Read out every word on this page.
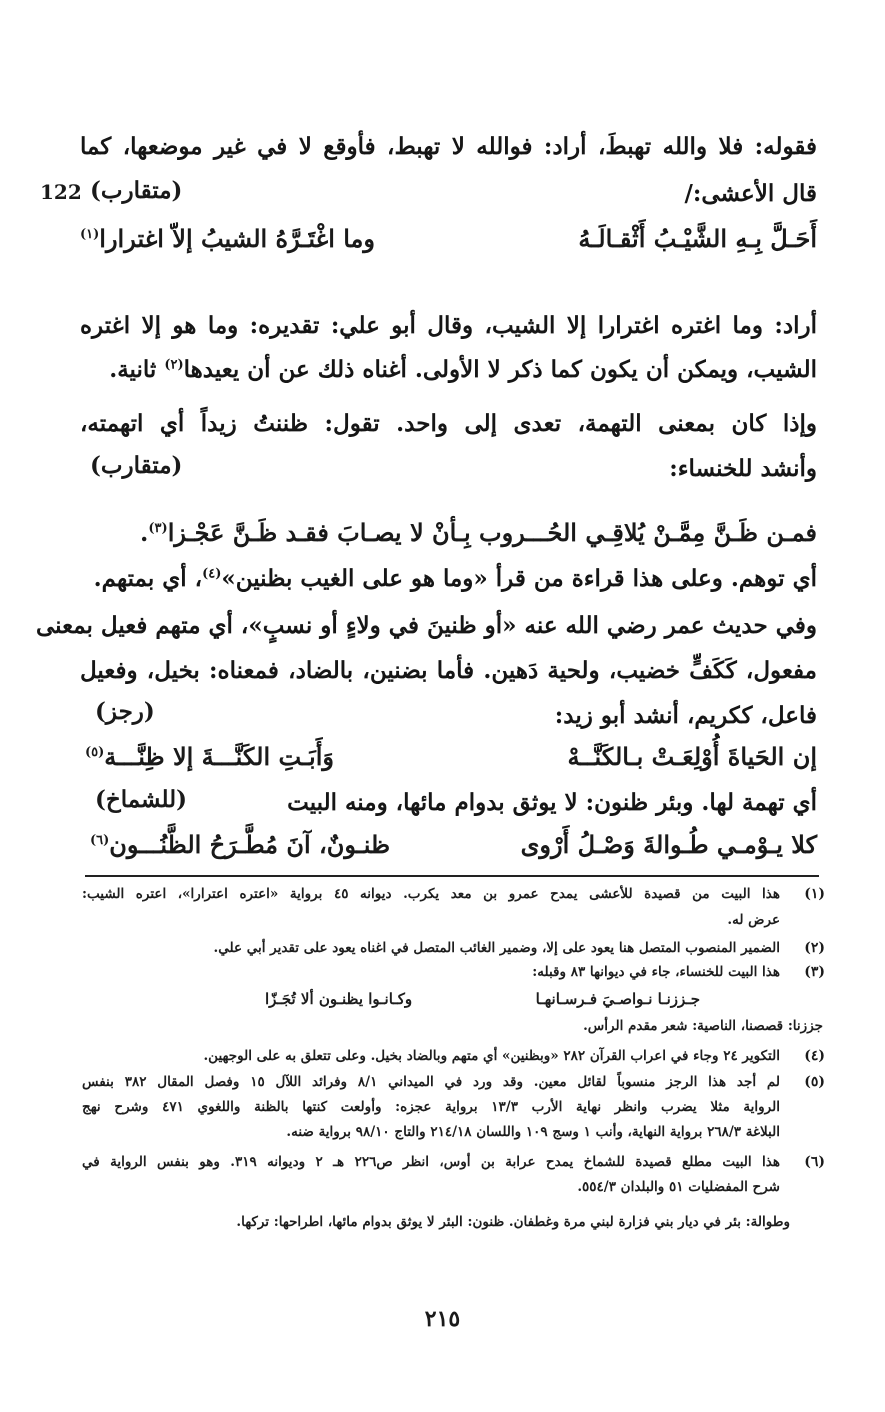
فقوله: فلا والله تهبطَ، أراد: فوالله لا تهبط، فأوقع لا في غير موضعها، كما
قال الأعشى:/
122 (متقارب)
أَحَـلَّ بِـهِ الشَّيْـبُ أَثْقـالَـهُ
وما اغْتَـرَّهُ الشيبُ إلاّ اغترارا$^{(١)}$
أراد: وما اغتره اغترارا إلا الشيب، وقال أبو علي: تقديره: وما هو إلا اغتره
الشيب، ويمكن أن يكون كما ذكر لا الأولى. أغناه ذلك عن أن يعيدها$^{(٢)}$ ثانية.
وإذا كان بمعنى التهمة، تعدى إلى واحد. تقول: ظننتُ زيداً أي اتهمته،
وأنشد للخنساء:
(متقارب)
فمـن ظَـنَّ مِمَّـنْ يُلاقِـي الحُـــروب بِـأنْ لا يصـابَ فقـد ظَـنَّ عَجْـزا$^{(٣)}$.
أي توهم. وعلى هذا قراءة من قرأ «وما هو على الغيب بظنين»$^{(٤)}$، أي بمتهم.
وفي حديث عمر رضي الله عنه «أو ظنينَ في ولاءٍ أو نسبٍ»، أي متهم فعيل بمعنى
مفعول، كَكَفٍّ خضيب، ولحية دَهين. فأما بضنين، بالضاد، فمعناه: بخيل، وفعيل
فاعل، ككريم، أنشد أبو زيد:
(رجز)
إن الحَياةَ أُوْلِعَـتْ بـالكَنَّــهْ
وَأَبَـتِ الكَنَّـــةَ إلا ظِنَّـــة$^{(٥)}$
أي تهمة لها. وبئر ظنون: لا يوثق بدوام مائها، ومنه البيت
(للشماخ)
كلا يـوْمـي طُـوالةَ وَصْـلُ أَرْوى
ظنـونٌ، آنَ مُطَّـرَحُ الظَّنُـــون$^{(٦)}$
(١)
هذا البيت من قصيدة للأعشى يمدح عمرو بن معد يكرب. ديوانه ٤٥ برواية «اعتره اعترارا»، اعتره الشيب:
عرض له.
(٢)
الضمير المنصوب المتصل هنا يعود على إلا، وضمير الغائب المتصل في اغناه يعود على تقدير أبي علي.
(٣)
هذا البيت للخنساء، جاء في ديوانها ٨٣ وقبله:
جـززنـا نـواصـيَ فـرسـانهـا
وكـانـوا يظنـون ألا تُجَـزّا
جززنا: قصصنا، الناصية: شعر مقدم الرأس.
(٤)
التكوير ٢٤ وجاء في اعراب القرآن ٢٨٢ «وبظنين» أي متهم وبالضاد بخيل. وعلى تتعلق به على الوجهين.
(٥)
لم أجد هذا الرجز منسوباً لقائل معين. وقد ورد في الميداني ٨/١ وفرائد اللآل ١٥ وفصل المقال ٣٨٢ بنفس
الرواية مثلا يضرب وانظر نهاية الأرب ١٣/٣ برواية عجزه: وأولعت كنتها بالظنة واللغوي ٤٧١ وشرح نهج
البلاغة ٢٦٨/٣ برواية النهاية، وأنب ١ وسج ١٠٩ واللسان ٢١٤/١٨ والتاج ٩٨/١٠ برواية ضنه.
(٦)
هذا البيت مطلع قصيدة للشماخ يمدح عرابة بن أوس، انظر ص٢٢٦ هـ ٢ وديوانه ٣١٩. وهو بنفس الرواية في
شرح المفضليات ٥١ والبلدان ٥٥٤/٣.
وطوالة: بئر في ديار بني فزارة لبني مرة وغطفان. ظنون: البئر لا يوثق بدوام مائها، اطراحها: تركها.
٢١٥
